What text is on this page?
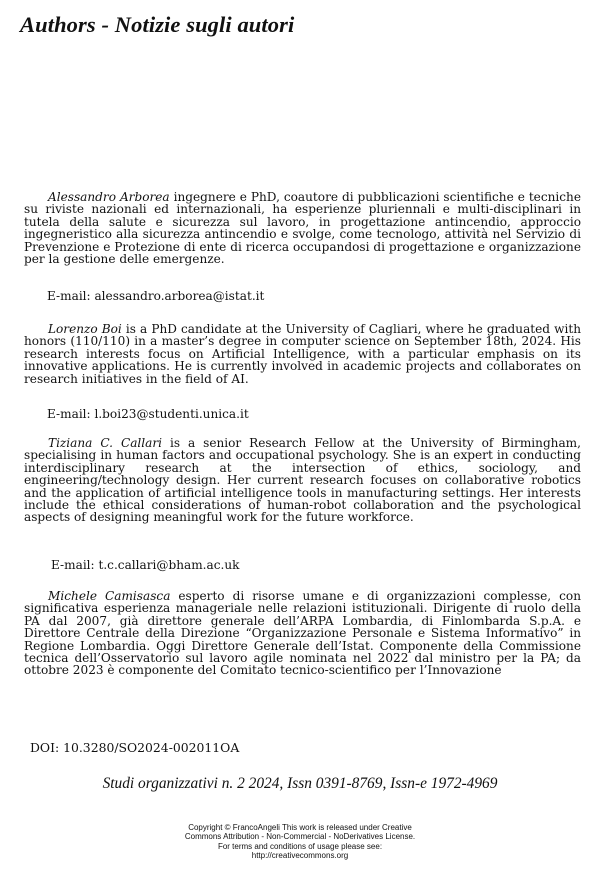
Authors - Notizie sugli autori

Alessandro Arborea ingegnere e PhD, coautore di pubblicazioni scientifiche e tecniche su riviste nazionali ed internazionali, ha esperienze pluriennali e multi-disciplinari in tutela della salute e sicurezza sul lavoro, in progettazione antincendio, approccio ingegneristico alla sicurezza antincendio e svolge, come tecnologo, attività nel Servizio di Prevenzione e Protezione di ente di ricerca occupandosi di progettazione e organizzazione per la gestione delle emergenze.

E-mail: alessandro.arborea@istat.it

Lorenzo Boi is a PhD candidate at the University of Cagliari, where he graduated with honors (110/110) in a master’s degree in computer science on September 18th, 2024. His research interests focus on Artificial Intelligence, with a particular emphasis on its innovative applications. He is currently involved in academic projects and collaborates on research initiatives in the field of AI.

E-mail: l.boi23@studenti.unica.it

Tiziana C. Callari is a senior Research Fellow at the University of Birmingham, specialising in human factors and occupational psychology. She is an expert in conducting interdisciplinary research at the intersection of ethics, sociology, and engineering/technology design. Her current research focuses on collaborative robotics and the application of artificial intelligence tools in manufacturing settings. Her interests include the ethical considerations of human-robot collaboration and the psychological aspects of designing meaningful work for the future workforce.

E-mail: t.c.callari@bham.ac.uk

Michele Camisasca esperto di risorse umane e di organizzazioni complesse, con significativa esperienza manageriale nelle relazioni istituzionali. Dirigente di ruolo della PA dal 2007, già direttore generale dell’ARPA Lombardia, di Finlombarda S.p.A. e Direttore Centrale della Direzione “Organizzazione Personale e Sistema Informativo” in Regione Lombardia. Oggi Direttore Generale dell’Istat. Componente della Commissione tecnica dell’Osservatorio sul lavoro agile nominata nel 2022 dal ministro per la PA; da ottobre 2023 è componente del Comitato tecnico-scientifico per l’Innovazione

DOI: 10.3280/SO2024-002011OA
Studi organizzativi n. 2 2024, Issn 0391-8769, Issn-e 1972-4969
Copyright © FrancoAngeli This work is released under Creative
Commons Attribution - Non-Commercial - NoDerivatives License.
For terms and conditions of usage please see:
http://creativecommons.org
